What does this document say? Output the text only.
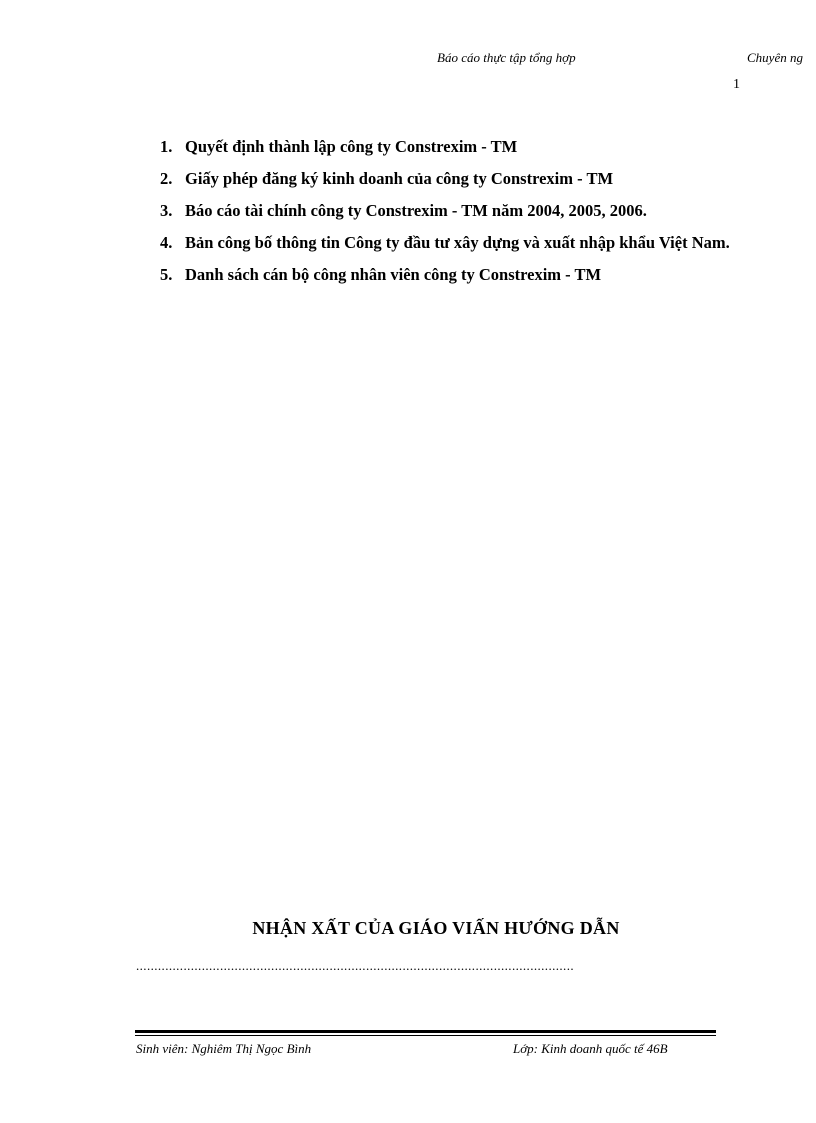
Báo cáo thực tập tổng hợp	Chuyên ng
1
1. Quyết định thành lập công ty Constrexim - TM
2. Giấy phép đăng ký kinh doanh của công ty Constrexim - TM
3. Báo cáo tài chính công ty Constrexim - TM năm 2004, 2005, 2006.
4. Bản công bố thông tin Công ty đầu tư xây dựng và xuất nhập khẩu Việt Nam.
5. Danh sách cán bộ công nhân viên công ty Constrexim - TM
NHẬN XẤT CỦA GIÁO VIẤN HƯỚNG DẪN
........................................................................................................................
Sinh viên: Nghiêm Thị Ngọc Bình	Lớp: Kinh doanh quốc tế 46B
